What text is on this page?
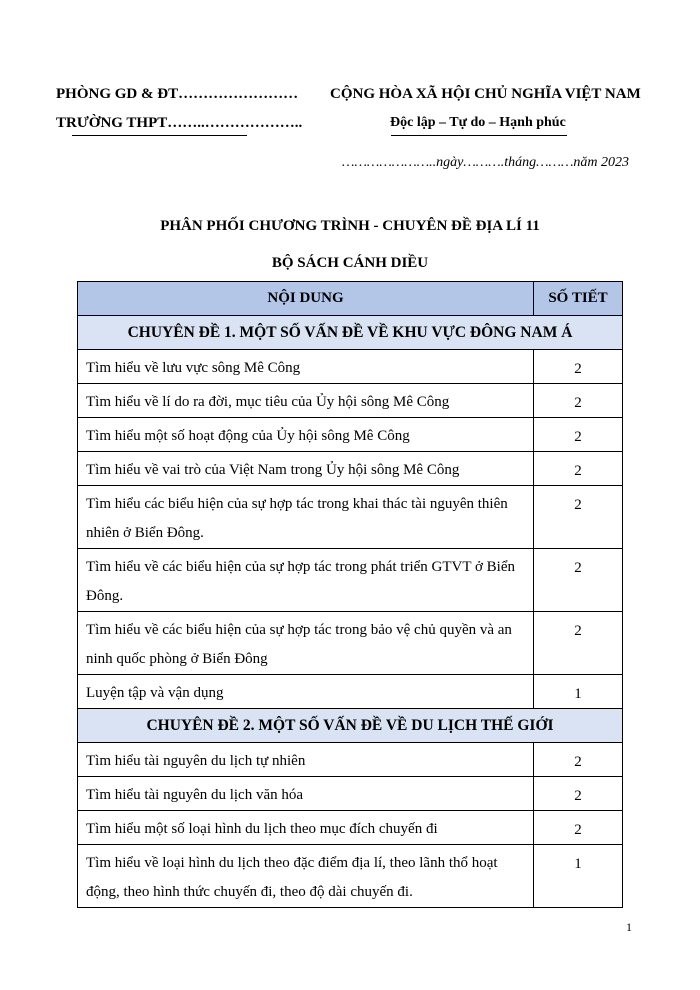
PHÒNG GD & ĐT……………………
TRƯỜNG THPT……..………………..
CỘNG HÒA XÃ HỘI CHỦ NGHĨA VIỆT NAM
Độc lập – Tự do – Hạnh phúc
…………………..ngày……….tháng………năm 2023
PHÂN PHỐI CHƯƠNG TRÌNH - CHUYÊN ĐỀ ĐỊA LÍ 11
BỘ SÁCH CÁNH DIỀU
NỘI DUNG	SỐ TIẾT
CHUYÊN ĐỀ 1. MỘT SỐ VẤN ĐỀ VỀ KHU VỰC ĐÔNG NAM Á	
Tìm hiểu về lưu vực sông Mê Công	2
Tìm hiểu về lí do ra đời, mục tiêu của Ủy hội sông Mê Công	2
Tìm hiểu một số hoạt động của Ủy hội sông Mê Công	2
Tìm hiểu về vai trò của Việt Nam trong Ủy hội sông Mê Công	2
Tìm hiểu các biểu hiện của sự hợp tác trong khai thác tài nguyên thiên nhiên ở Biển Đông.	2
Tìm hiểu về các biểu hiện của sự hợp tác trong phát triển GTVT ở Biển Đông.	2
Tìm hiểu về các biểu hiện của sự hợp tác trong bảo vệ chủ quyền và an ninh quốc phòng ở Biển Đông	2
Luyện tập và vận dụng	1
CHUYÊN ĐỀ 2. MỘT SỐ VẤN ĐỀ VỀ DU LỊCH THẾ GIỚI	
Tìm hiểu tài nguyên du lịch tự nhiên	2
Tìm hiểu tài nguyên du lịch văn hóa	2
Tìm hiểu một số loại hình du lịch theo mục đích chuyến đi	2
Tìm hiểu về loại hình du lịch theo đặc điểm địa lí, theo lãnh thổ hoạt động, theo hình thức chuyến đi, theo độ dài chuyến đi.	1
1
